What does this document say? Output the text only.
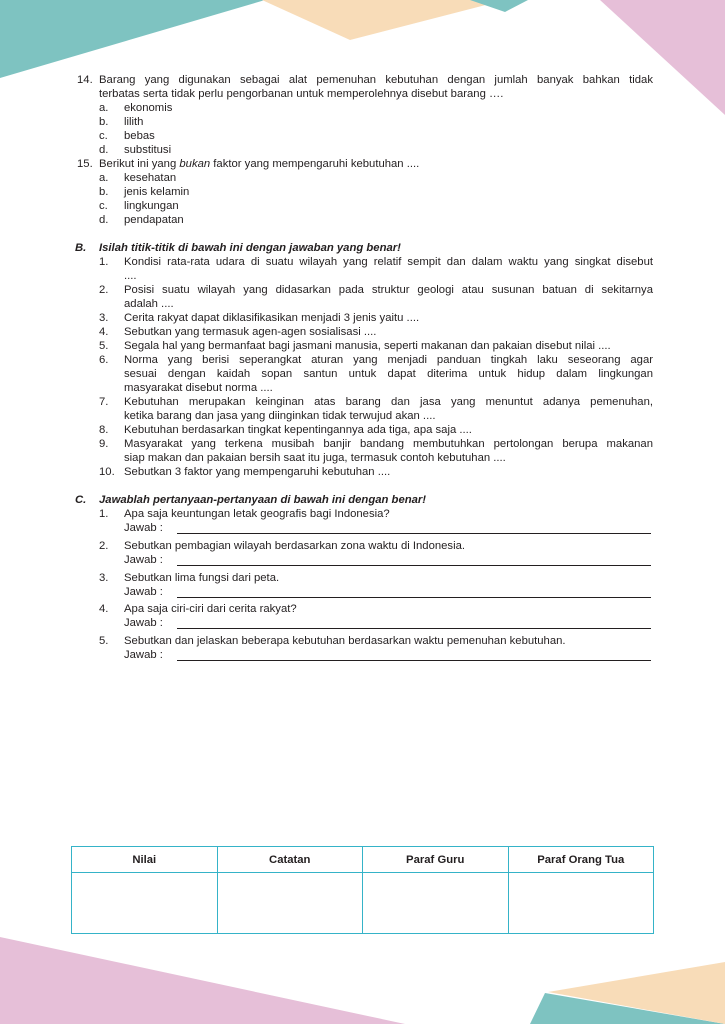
14. Barang yang digunakan sebagai alat pemenuhan kebutuhan dengan jumlah banyak bahkan tidak
terbatas serta tidak perlu pengorbanan untuk memperolehnya disebut barang ….
a. ekonomis
b. lilith
c. bebas
d. substitusi
15. Berikut ini yang bukan faktor yang mempengaruhi kebutuhan ....
a. kesehatan
b. jenis kelamin
c. lingkungan
d. pendapatan
B. Isilah titik-titik di bawah ini dengan jawaban yang benar!
1. Kondisi rata-rata udara di suatu wilayah yang relatif sempit dan dalam waktu yang singkat disebut
....
2. Posisi suatu wilayah yang didasarkan pada struktur geologi atau susunan batuan di sekitarnya
adalah ....
3. Cerita rakyat dapat diklasifikasikan menjadi 3 jenis yaitu ....
4. Sebutkan yang termasuk agen-agen sosialisasi ....
5. Segala hal yang bermanfaat bagi jasmani manusia, seperti makanan dan pakaian disebut nilai ....
6. Norma yang berisi seperangkat aturan yang menjadi panduan tingkah laku seseorang agar
sesuai dengan kaidah sopan santun untuk dapat diterima untuk hidup dalam lingkungan
masyarakat disebut norma ....
7. Kebutuhan merupakan keinginan atas barang dan jasa yang menuntut adanya pemenuhan,
ketika barang dan jasa yang diinginkan tidak terwujud akan ....
8. Kebutuhan berdasarkan tingkat kepentingannya ada tiga, apa saja ....
9. Masyarakat yang terkena musibah banjir bandang membutuhkan pertolongan berupa makanan
siap makan dan pakaian bersih saat itu juga, termasuk contoh kebutuhan ....
10. Sebutkan 3 faktor yang mempengaruhi kebutuhan ....
C. Jawablah pertanyaan-pertanyaan di bawah ini dengan benar!
1. Apa saja keuntungan letak geografis bagi Indonesia?
Jawab :
2. Sebutkan pembagian wilayah berdasarkan zona waktu di Indonesia.
Jawab :
3. Sebutkan lima fungsi dari peta.
Jawab :
4. Apa saja ciri-ciri dari cerita rakyat?
Jawab :
5. Sebutkan dan jelaskan beberapa kebutuhan berdasarkan waktu pemenuhan kebutuhan.
Jawab :
Nilai	Catatan	Paraf Guru	Paraf Orang Tua
